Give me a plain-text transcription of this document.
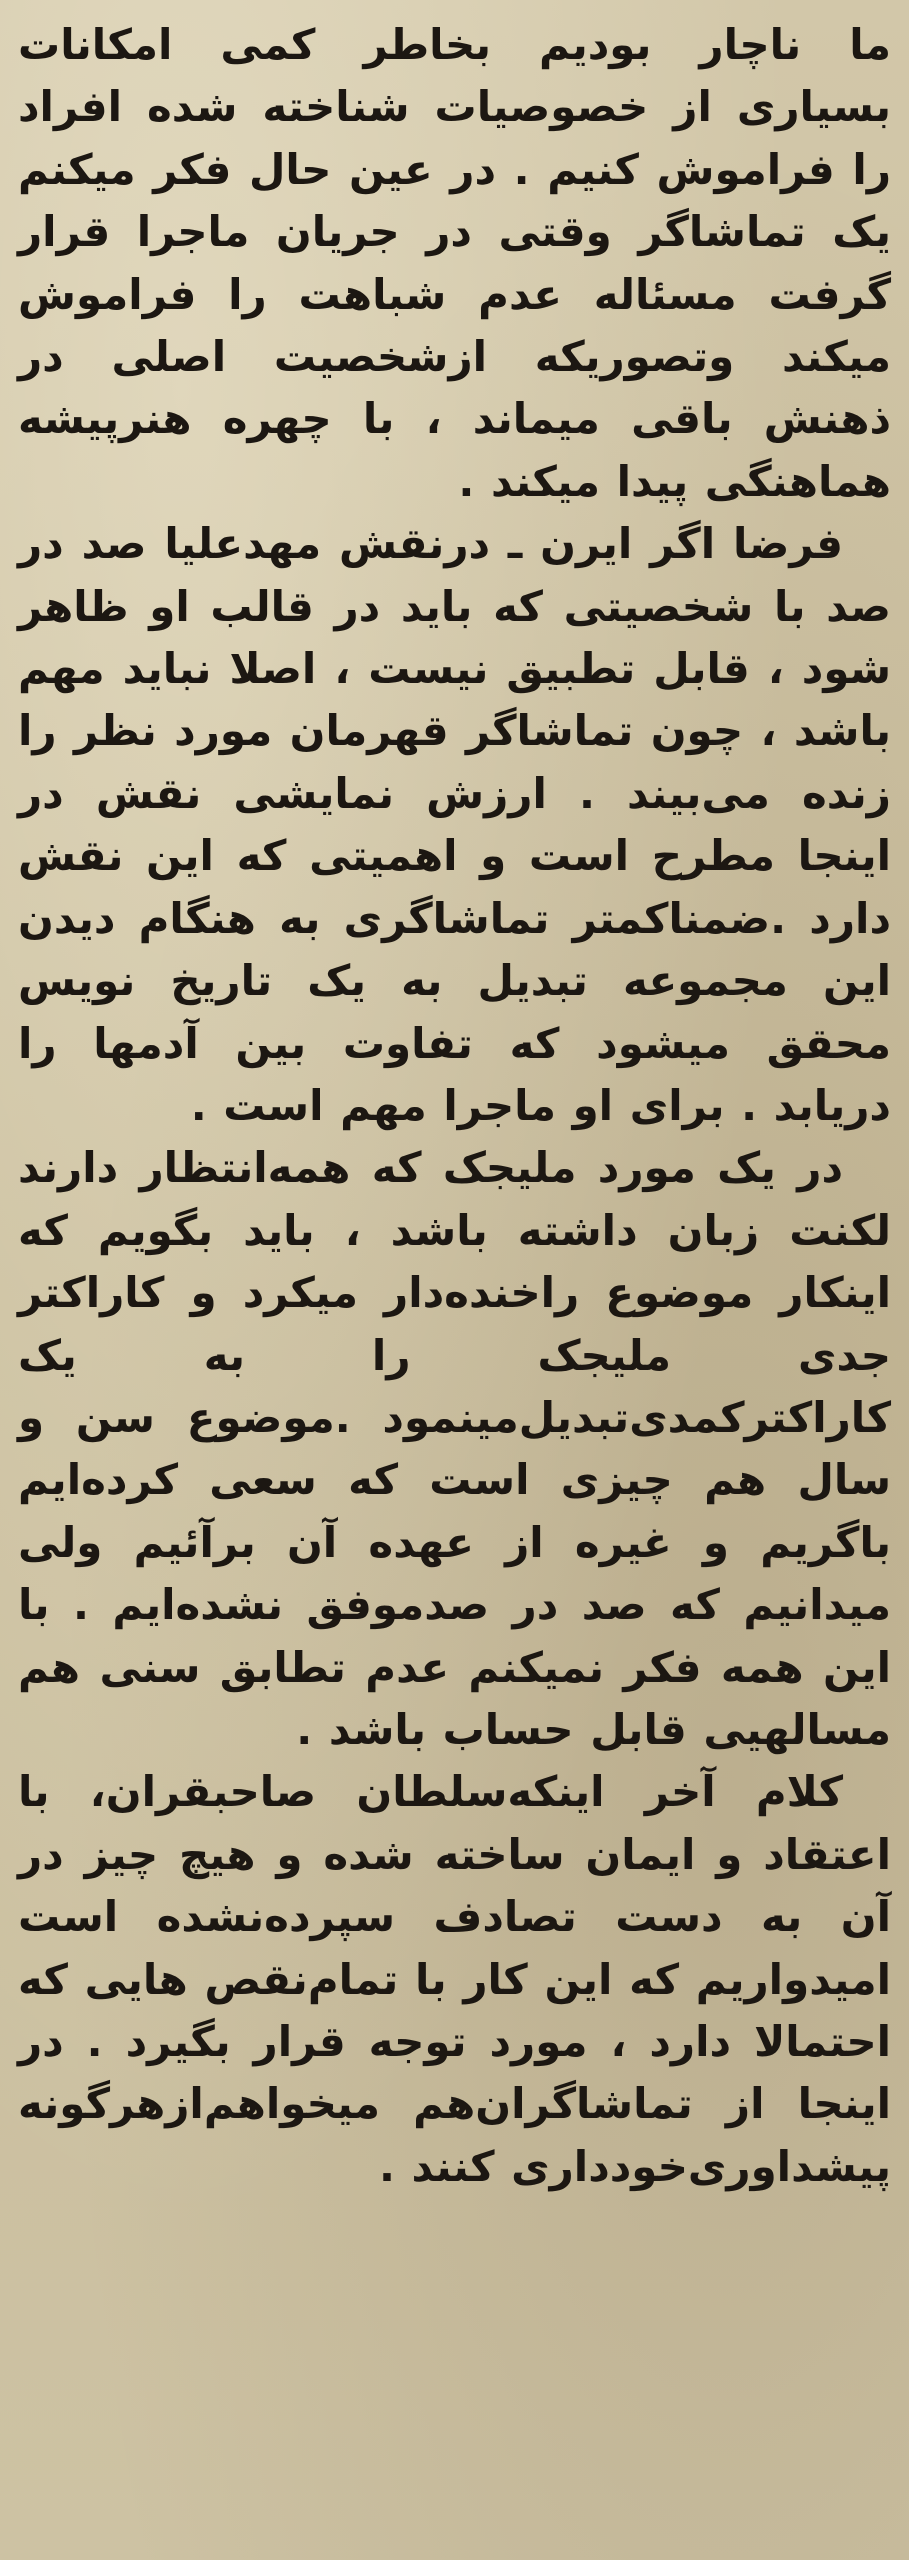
ما ناچار بودیم بخاطر کمی امکانات بسیاری از خصوصیات شناخته شده افراد را فراموش کنیم . در عین حال فکر میکنم یک تماشاگر وقتی در جریان ماجرا قرار گرفت مسئاله عدم شباهت را فراموش میکند وتصوریکه ازشخصیت اصلی در ذهنش باقی میماند ، با چهره هنرپیشه هماهنگی پیدا میکند .

فرضا اگر ایرن ـ درنقش مهدعلیا صد در صد با شخصیتی که باید در قالب او ظاهر شود ، قابل تطبیق نیست ، اصلا نباید مهم باشد ، چون تماشاگر قهرمان مورد نظر را زنده می‌بیند . ارزش نمایشی نقش در اینجا مطرح است و اهمیتی که این نقش دارد .ضمناکمتر تماشاگری به هنگام دیدن این مجموعه تبدیل به یک تاریخ نویس محقق میشود که تفاوت بین آدمها را دریابد . برای او ماجرا مهم است .

در یک مورد ملیجک که همه‌انتظار دارند لکنت زبان داشته باشد ، باید بگویم که اینکار موضوع راخنده‌دار میکرد و کاراکتر جدی ملیجک را به یک کاراکترکمدی‌تبدیل‌مینمود .موضوع سن و سال هم چیزی است که سعی کرده‌ایم باگریم و غیره از عهده آن برآئیم ولی میدانیم که صد در صدموفق نشده‌ایم . با این همه فکر نمیکنم عدم تطابق سنی هم مسالهیی قابل حساب باشد .

کلام آخر اینکه‌سلطان صاحبقران، با اعتقاد و ایمان ساخته شده و هیچ چیز در آن به دست تصادف سپرده‌نشده است امیدواریم که این کار با تمام‌نقص هایی که احتمالا دارد ، مورد توجه قرار بگیرد . در اینجا از تماشاگران‌هم میخواهم‌ازهرگونه پیشداوری‌خودداری کنند .
